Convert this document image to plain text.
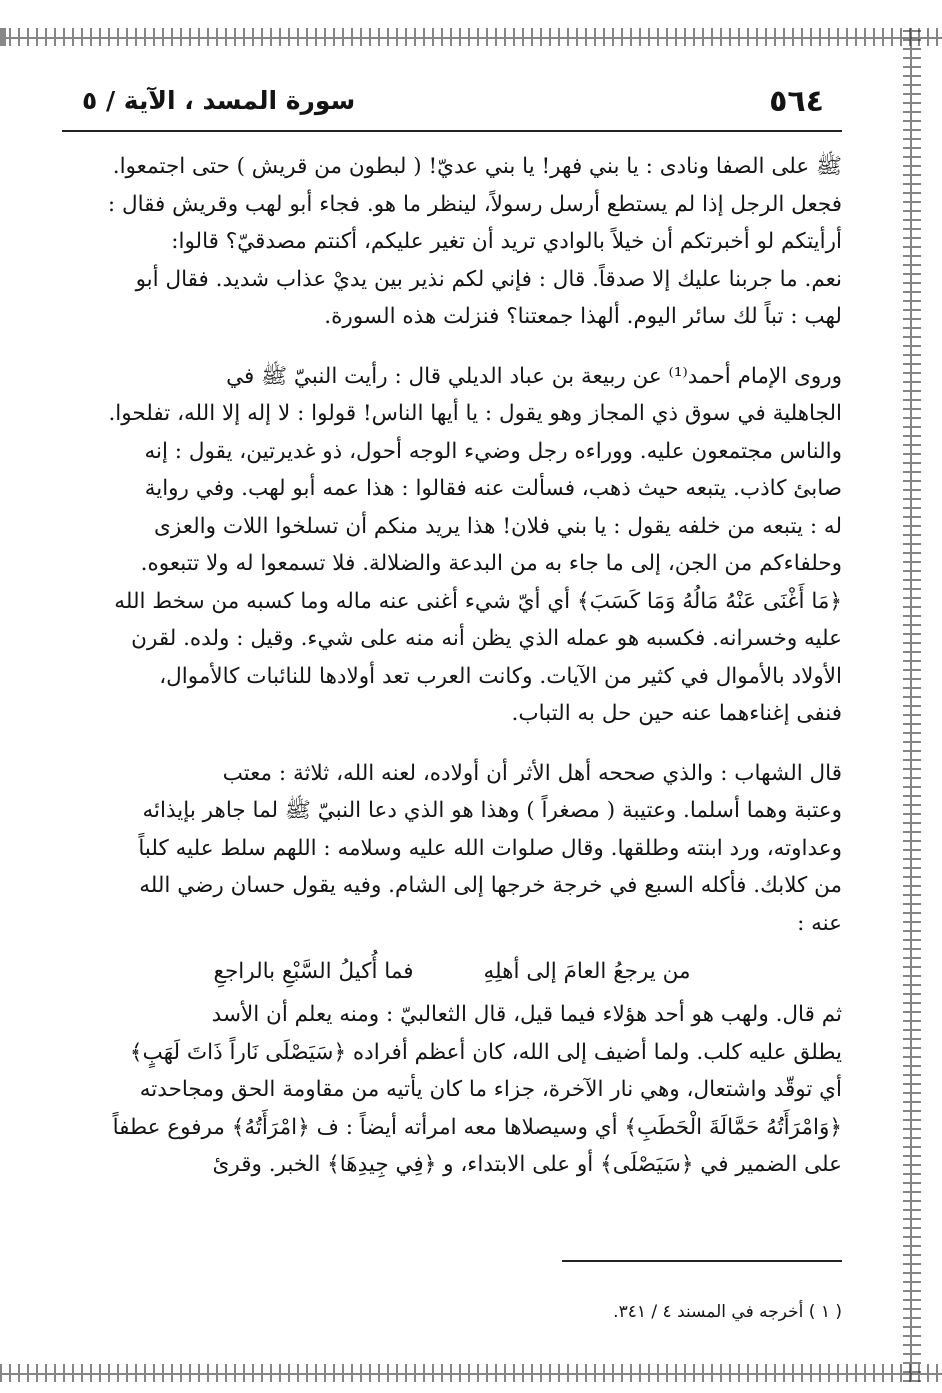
٥٦٤
سورة المسد ، الآية / ٥
ﷺ على الصفا ونادى : يا بني فهر! يا بني عديّ! ( لبطون من قريش ) حتى اجتمعوا.
فجعل الرجل إذا لم يستطع أرسل رسولاً، لينظر ما هو. فجاء أبو لهب وقريش فقال :
أرأيتكم لو أخبرتكم أن خيلاً بالوادي تريد أن تغير عليكم، أكنتم مصدقيّ؟ قالوا:
نعم. ما جربنا عليك إلا صدقاً. قال : فإني لكم نذير بين يديْ عذاب شديد. فقال أبو
لهب : تباً لك سائر اليوم. ألهذا جمعتنا؟ فنزلت هذه السورة.
وروى الإمام أحمد⁽¹⁾ عن ربيعة بن عباد الديلي قال : رأيت النبيّ ﷺ في
الجاهلية في سوق ذي المجاز وهو يقول : يا أيها الناس! قولوا : لا إله إلا الله، تفلحوا.
والناس مجتمعون عليه. ووراءه رجل وضيء الوجه أحول، ذو غديرتين، يقول : إنه
صابئ كاذب. يتبعه حيث ذهب، فسألت عنه فقالوا : هذا عمه أبو لهب. وفي رواية
له : يتبعه من خلفه يقول : يا بني فلان! هذا يريد منكم أن تسلخوا اللات والعزى
وحلفاءكم من الجن، إلى ما جاء به من البدعة والضلالة. فلا تسمعوا له ولا تتبعوه.
﴿مَا أَغْنَى عَنْهُ مَالُهُ وَمَا كَسَبَ﴾ أي أيّ شيء أغنى عنه ماله وما كسبه من سخط الله
عليه وخسرانه. فكسبه هو عمله الذي يظن أنه منه على شيء. وقيل : ولده. لقرن
الأولاد بالأموال في كثير من الآيات. وكانت العرب تعد أولادها للنائبات كالأموال،
فنفى إغناءهما عنه حين حل به التباب.
قال الشهاب : والذي صححه أهل الأثر أن أولاده، لعنه الله، ثلاثة : معتب
وعتبة وهما أسلما. وعتيبة ( مصغراً ) وهذا هو الذي دعا النبيّ ﷺ لما جاهر بإيذائه
وعداوته، ورد ابنته وطلقها. وقال صلوات الله عليه وسلامه : اللهم سلط عليه كلباً
من كلابك. فأكله السبع في خرجة خرجها إلى الشام. وفيه يقول حسان رضي الله
عنه :
من يرجعُ العامَ إلى أهلِهِ
فما أُكيلُ السَّبْعِ بالراجعِ
ثم قال. ولهب هو أحد هؤلاء فيما قيل، قال الثعالبيّ : ومنه يعلم أن الأسد
يطلق عليه كلب. ولما أضيف إلى الله، كان أعظم أفراده ﴿سَيَصْلَى نَاراً ذَاتَ لَهَبٍ﴾
أي توقّد واشتعال، وهي نار الآخرة، جزاء ما كان يأتيه من مقاومة الحق ومجاحدته
﴿وَامْرَأَتُهُ حَمَّالَةَ الْحَطَبِ﴾ أي وسيصلاها معه امرأته أيضاً : ف ﴿امْرَأَتُهُ﴾ مرفوع عطفاً
على الضمير في ﴿سَيَصْلَى﴾ أو على الابتداء، و ﴿فِي جِيدِهَا﴾ الخبر. وقرئ
( ١ ) أخرجه في المسند ٤ / ٣٤١.
